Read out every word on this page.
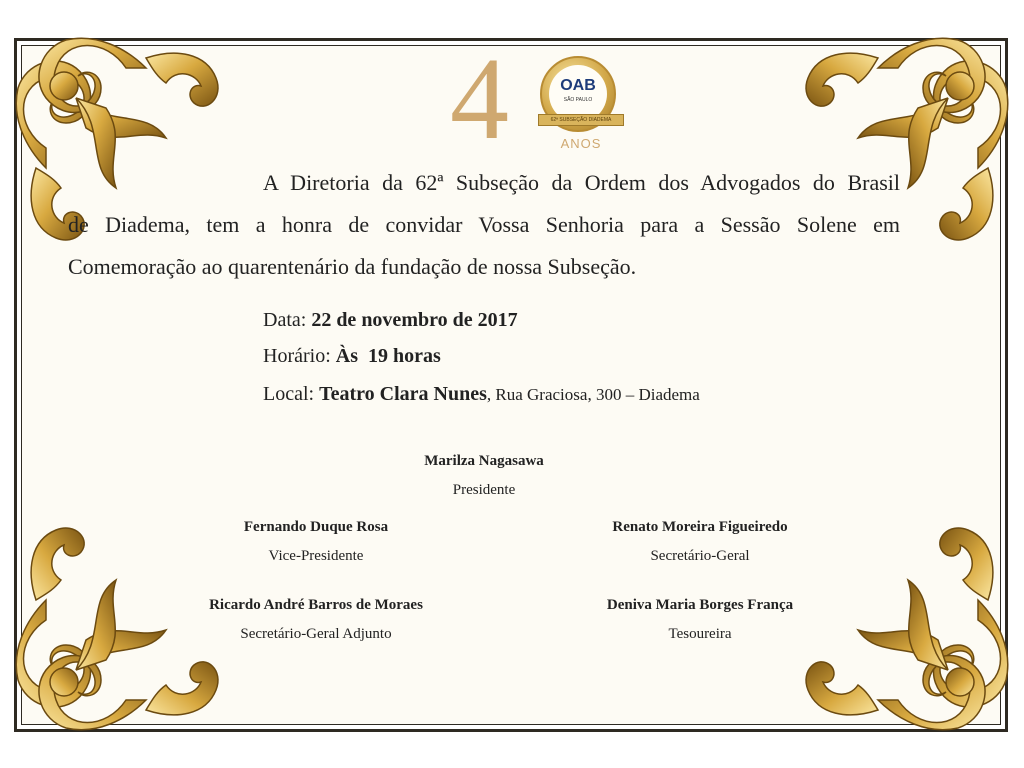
4	OAB
SÃO PAULO
62ª SUBSEÇÃO DIADEMA
ANOS
A Diretoria da 62ª Subseção da Ordem dos Advogados do Brasil
de Diadema, tem a honra de convidar Vossa Senhoria para a Sessão Solene em
Comemoração ao quarentenário da fundação de nossa Subseção.
Data: 22 de novembro de 2017
Horário: Às  19 horas
Local: Teatro Clara Nunes, Rua Graciosa, 300 – Diadema
Marilza Nagasawa
Presidente
Fernando Duque Rosa
Vice-Presidente
Renato Moreira Figueiredo
Secretário-Geral
Ricardo André Barros de Moraes
Secretário-Geral Adjunto
Deniva Maria Borges França
Tesoureira
